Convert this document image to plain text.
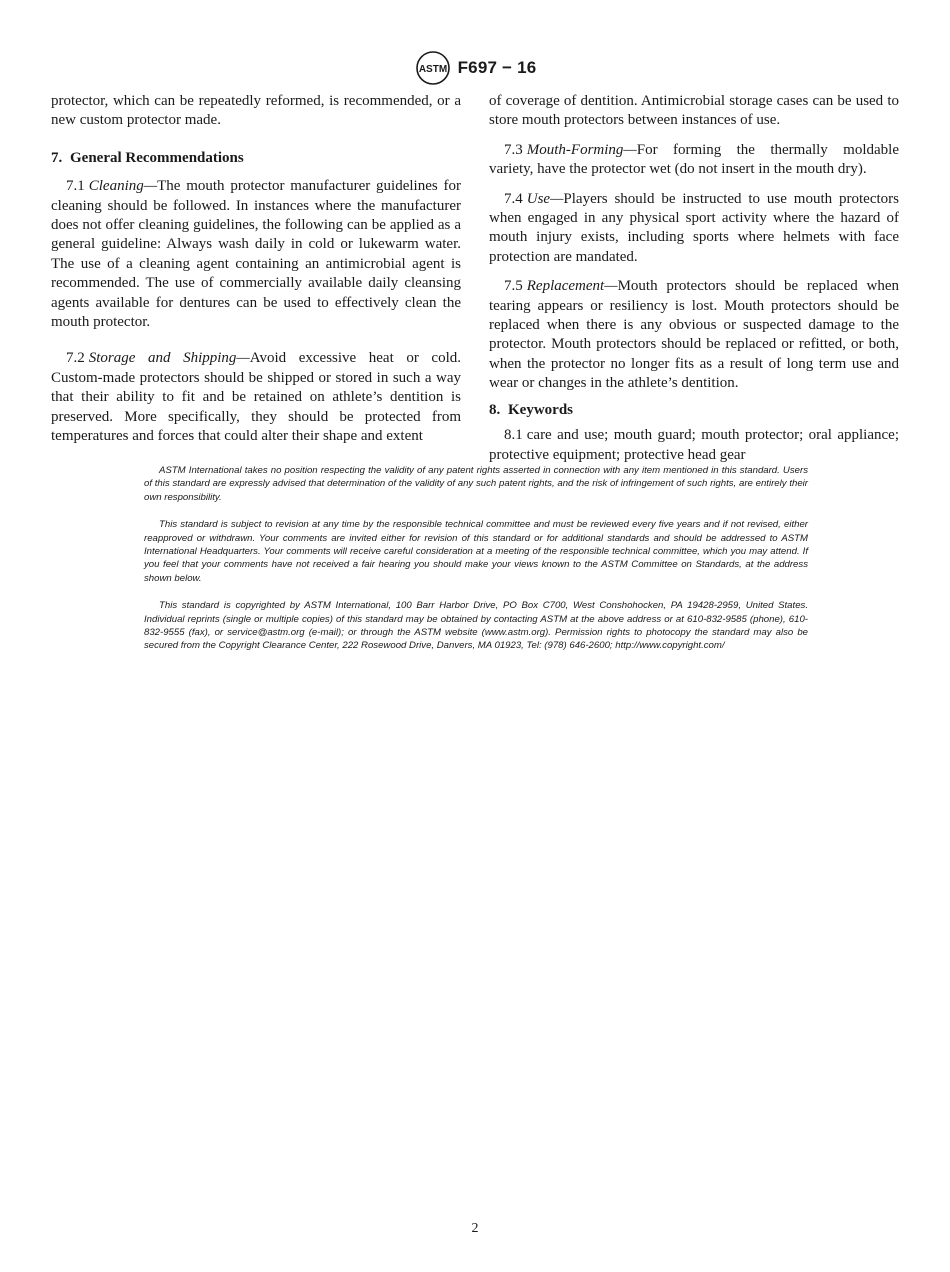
ASTM F697 − 16

protector, which can be repeatedly reformed, is recommended, or a new custom protector made.

7. General Recommendations

7.1 Cleaning—The mouth protector manufacturer guidelines for cleaning should be followed. In instances where the manufacturer does not offer cleaning guidelines, the following can be applied as a general guideline: Always wash daily in cold or lukewarm water. The use of a cleaning agent containing an antimicrobial agent is recommended. The use of commercially available daily cleansing agents available for dentures can be used to effectively clean the mouth protector.

7.2 Storage and Shipping—Avoid excessive heat or cold. Custom-made protectors should be shipped or stored in such a way that their ability to fit and be retained on athlete’s dentition is preserved. More specifically, they should be protected from temperatures and forces that could alter their shape and extent

of coverage of dentition. Antimicrobial storage cases can be used to store mouth protectors between instances of use.

7.3 Mouth-Forming—For forming the thermally moldable variety, have the protector wet (do not insert in the mouth dry).

7.4 Use—Players should be instructed to use mouth protectors when engaged in any physical sport activity where the hazard of mouth injury exists, including sports where helmets with face protection are mandated.

7.5 Replacement—Mouth protectors should be replaced when tearing appears or resiliency is lost. Mouth protectors should be replaced when there is any obvious or suspected damage to the protector. Mouth protectors should be replaced or refitted, or both, when the protector no longer fits as a result of long term use and wear or changes in the athlete’s dentition.

8. Keywords

8.1 care and use; mouth guard; mouth protector; oral appliance; protective equipment; protective head gear

ASTM International takes no position respecting the validity of any patent rights asserted in connection with any item mentioned in this standard. Users of this standard are expressly advised that determination of the validity of any such patent rights, and the risk of infringement of such rights, are entirely their own responsibility.

This standard is subject to revision at any time by the responsible technical committee and must be reviewed every five years and if not revised, either reapproved or withdrawn. Your comments are invited either for revision of this standard or for additional standards and should be addressed to ASTM International Headquarters. Your comments will receive careful consideration at a meeting of the responsible technical committee, which you may attend. If you feel that your comments have not received a fair hearing you should make your views known to the ASTM Committee on Standards, at the address shown below.

This standard is copyrighted by ASTM International, 100 Barr Harbor Drive, PO Box C700, West Conshohocken, PA 19428-2959, United States. Individual reprints (single or multiple copies) of this standard may be obtained by contacting ASTM at the above address or at 610-832-9585 (phone), 610-832-9555 (fax), or service@astm.org (e-mail); or through the ASTM website (www.astm.org). Permission rights to photocopy the standard may also be secured from the Copyright Clearance Center, 222 Rosewood Drive, Danvers, MA 01923, Tel: (978) 646-2600; http://www.copyright.com/

2
